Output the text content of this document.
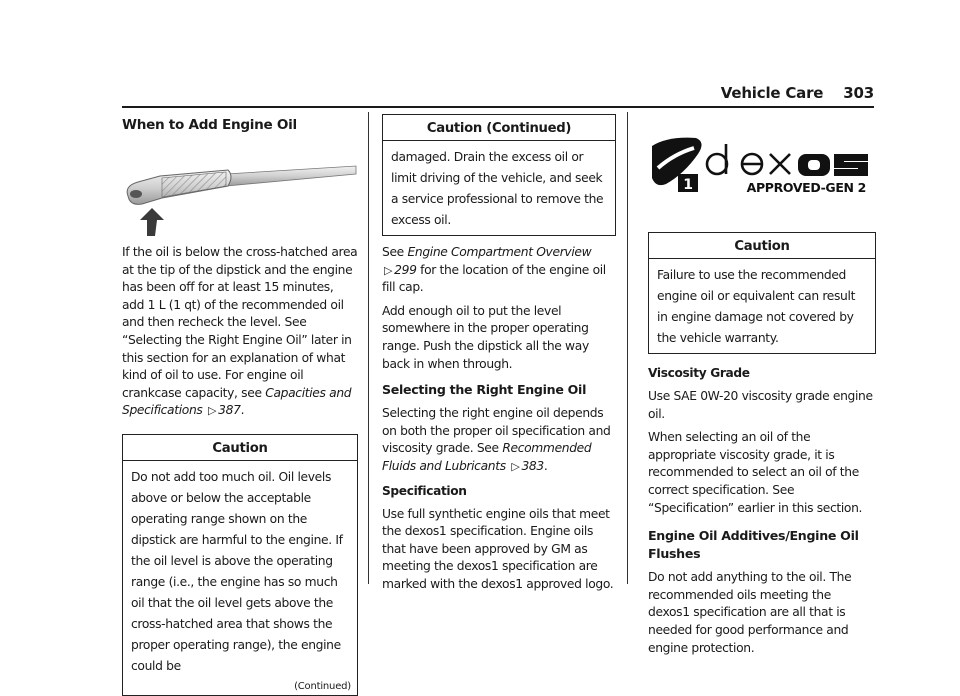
Vehicle Care 303
When to Add Engine Oil

If the oil is below the cross-hatched area at the tip of the dipstick and the engine has been off for at least 15 minutes, add 1 L (1 qt) of the recommended oil and then recheck the level. See “Selecting the Right Engine Oil” later in this section for an explanation of what kind of oil to use. For engine oil crankcase capacity, see Capacities and Specifications ▷ 387.

Caution
Do not add too much oil. Oil levels above or below the acceptable operating range shown on the dipstick are harmful to the engine. If the oil level is above the operating range (i.e., the engine has so much oil that the oil level gets above the cross-hatched area that shows the proper operating range), the engine could be
(Continued)
Caution (Continued)
damaged. Drain the excess oil or limit driving of the vehicle, and seek a service professional to remove the excess oil.

See Engine Compartment Overview ▷ 299 for the location of the engine oil fill cap.

Add enough oil to put the level somewhere in the proper operating range. Push the dipstick all the way back in when through.

Selecting the Right Engine Oil

Selecting the right engine oil depends on both the proper oil specification and viscosity grade. See Recommended Fluids and Lubricants ▷ 383.

Specification

Use full synthetic engine oils that meet the dexos1 specification. Engine oils that have been approved by GM as meeting the dexos1 specification are marked with the dexos1 approved logo.

1	APPROVED-GEN 2
Caution
Failure to use the recommended engine oil or equivalent can result in engine damage not covered by the vehicle warranty.
Viscosity Grade

Use SAE 0W-20 viscosity grade engine oil.

When selecting an oil of the appropriate viscosity grade, it is recommended to select an oil of the correct specification. See “Specification” earlier in this section.

Engine Oil Additives/Engine Oil Flushes

Do not add anything to the oil. The recommended oils meeting the dexos1 specification are all that is needed for good performance and engine protection.
